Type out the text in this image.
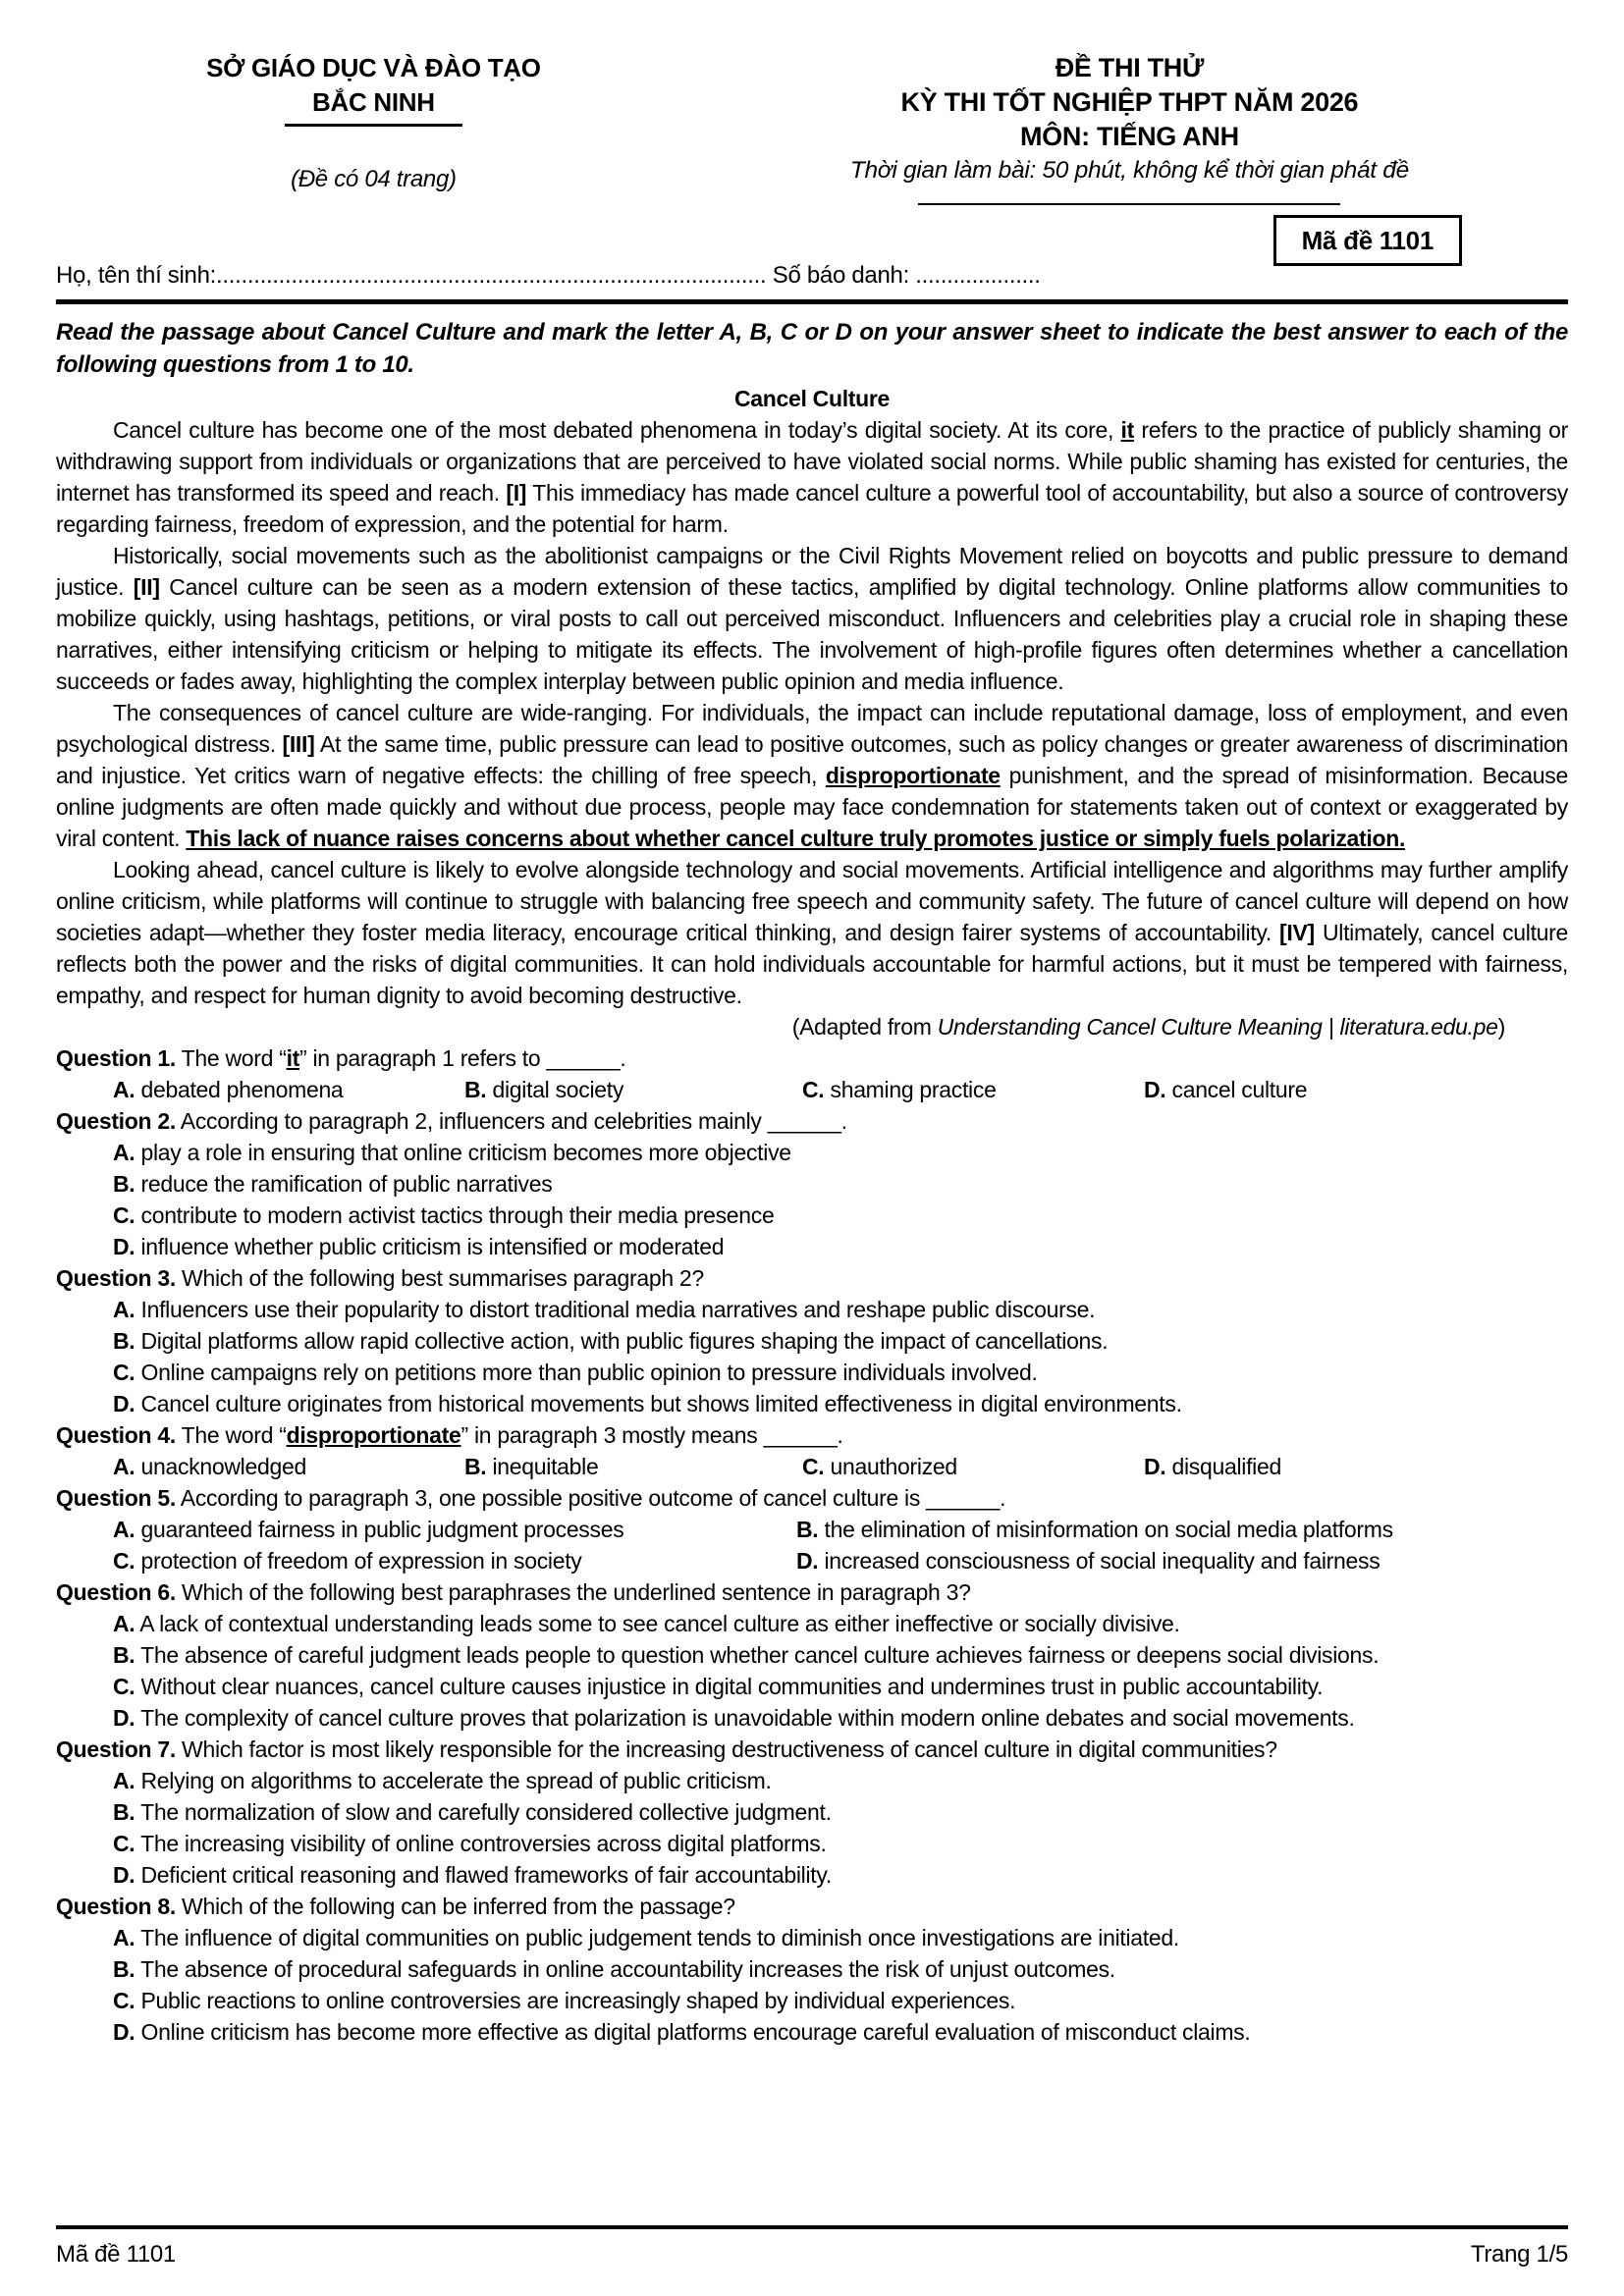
SỞ GIÁO DỤC VÀ ĐÀO TẠO
BẮC NINH
(Đề có 04 trang)
ĐỀ THI THỬ
KỲ THI TỐT NGHIỆP THPT NĂM 2026
MÔN: TIẾNG ANH
Thời gian làm bài: 50 phút, không kể thời gian phát đề
Họ, tên thí sinh:........................................................................................ Số báo danh: ....................
Mã đề 1101

Read the passage about Cancel Culture and mark the letter A, B, C or D on your answer sheet to indicate the best answer to each of the following questions from 1 to 10.

Cancel Culture

Cancel culture has become one of the most debated phenomena in today’s digital society. At its core, it refers to the practice of publicly shaming or withdrawing support from individuals or organizations that are perceived to have violated social norms. While public shaming has existed for centuries, the internet has transformed its speed and reach. [I] This immediacy has made cancel culture a powerful tool of accountability, but also a source of controversy regarding fairness, freedom of expression, and the potential for harm.

Historically, social movements such as the abolitionist campaigns or the Civil Rights Movement relied on boycotts and public pressure to demand justice. [II] Cancel culture can be seen as a modern extension of these tactics, amplified by digital technology. Online platforms allow communities to mobilize quickly, using hashtags, petitions, or viral posts to call out perceived misconduct. Influencers and celebrities play a crucial role in shaping these narratives, either intensifying criticism or helping to mitigate its effects. The involvement of high-profile figures often determines whether a cancellation succeeds or fades away, highlighting the complex interplay between public opinion and media influence.

The consequences of cancel culture are wide-ranging. For individuals, the impact can include reputational damage, loss of employment, and even psychological distress. [III] At the same time, public pressure can lead to positive outcomes, such as policy changes or greater awareness of discrimination and injustice. Yet critics warn of negative effects: the chilling of free speech, disproportionate punishment, and the spread of misinformation. Because online judgments are often made quickly and without due process, people may face condemnation for statements taken out of context or exaggerated by viral content. This lack of nuance raises concerns about whether cancel culture truly promotes justice or simply fuels polarization.

Looking ahead, cancel culture is likely to evolve alongside technology and social movements. Artificial intelligence and algorithms may further amplify online criticism, while platforms will continue to struggle with balancing free speech and community safety. The future of cancel culture will depend on how societies adapt—whether they foster media literacy, encourage critical thinking, and design fairer systems of accountability. [IV] Ultimately, cancel culture reflects both the power and the risks of digital communities. It can hold individuals accountable for harmful actions, but it must be tempered with fairness, empathy, and respect for human dignity to avoid becoming destructive.

(Adapted from Understanding Cancel Culture Meaning | literatura.edu.pe)
Question 1. The word “it” in paragraph 1 refers to ______.
A. debated phenomena	B. digital society	C. shaming practice	D. cancel culture
Question 2. According to paragraph 2, influencers and celebrities mainly ______.
A. play a role in ensuring that online criticism becomes more objective
B. reduce the ramification of public narratives
C. contribute to modern activist tactics through their media presence
D. influence whether public criticism is intensified or moderated
Question 3. Which of the following best summarises paragraph 2?
A. Influencers use their popularity to distort traditional media narratives and reshape public discourse.
B. Digital platforms allow rapid collective action, with public figures shaping the impact of cancellations.
C. Online campaigns rely on petitions more than public opinion to pressure individuals involved.
D. Cancel culture originates from historical movements but shows limited effectiveness in digital environments.
Question 4. The word “disproportionate” in paragraph 3 mostly means ______.
A. unacknowledged	B. inequitable	C. unauthorized	D. disqualified
Question 5. According to paragraph 3, one possible positive outcome of cancel culture is ______.
A. guaranteed fairness in public judgment processes	B. the elimination of misinformation on social media platforms
C. protection of freedom of expression in society	D. increased consciousness of social inequality and fairness
Question 6. Which of the following best paraphrases the underlined sentence in paragraph 3?
A. A lack of contextual understanding leads some to see cancel culture as either ineffective or socially divisive.
B. The absence of careful judgment leads people to question whether cancel culture achieves fairness or deepens social divisions.
C. Without clear nuances, cancel culture causes injustice in digital communities and undermines trust in public accountability.
D. The complexity of cancel culture proves that polarization is unavoidable within modern online debates and social movements.
Question 7. Which factor is most likely responsible for the increasing destructiveness of cancel culture in digital communities?
A. Relying on algorithms to accelerate the spread of public criticism.
B. The normalization of slow and carefully considered collective judgment.
C. The increasing visibility of online controversies across digital platforms.
D. Deficient critical reasoning and flawed frameworks of fair accountability.
Question 8. Which of the following can be inferred from the passage?
A. The influence of digital communities on public judgement tends to diminish once investigations are initiated.
B. The absence of procedural safeguards in online accountability increases the risk of unjust outcomes.
C. Public reactions to online controversies are increasingly shaped by individual experiences.
D. Online criticism has become more effective as digital platforms encourage careful evaluation of misconduct claims.
Mã đề 1101	Trang 1/5
